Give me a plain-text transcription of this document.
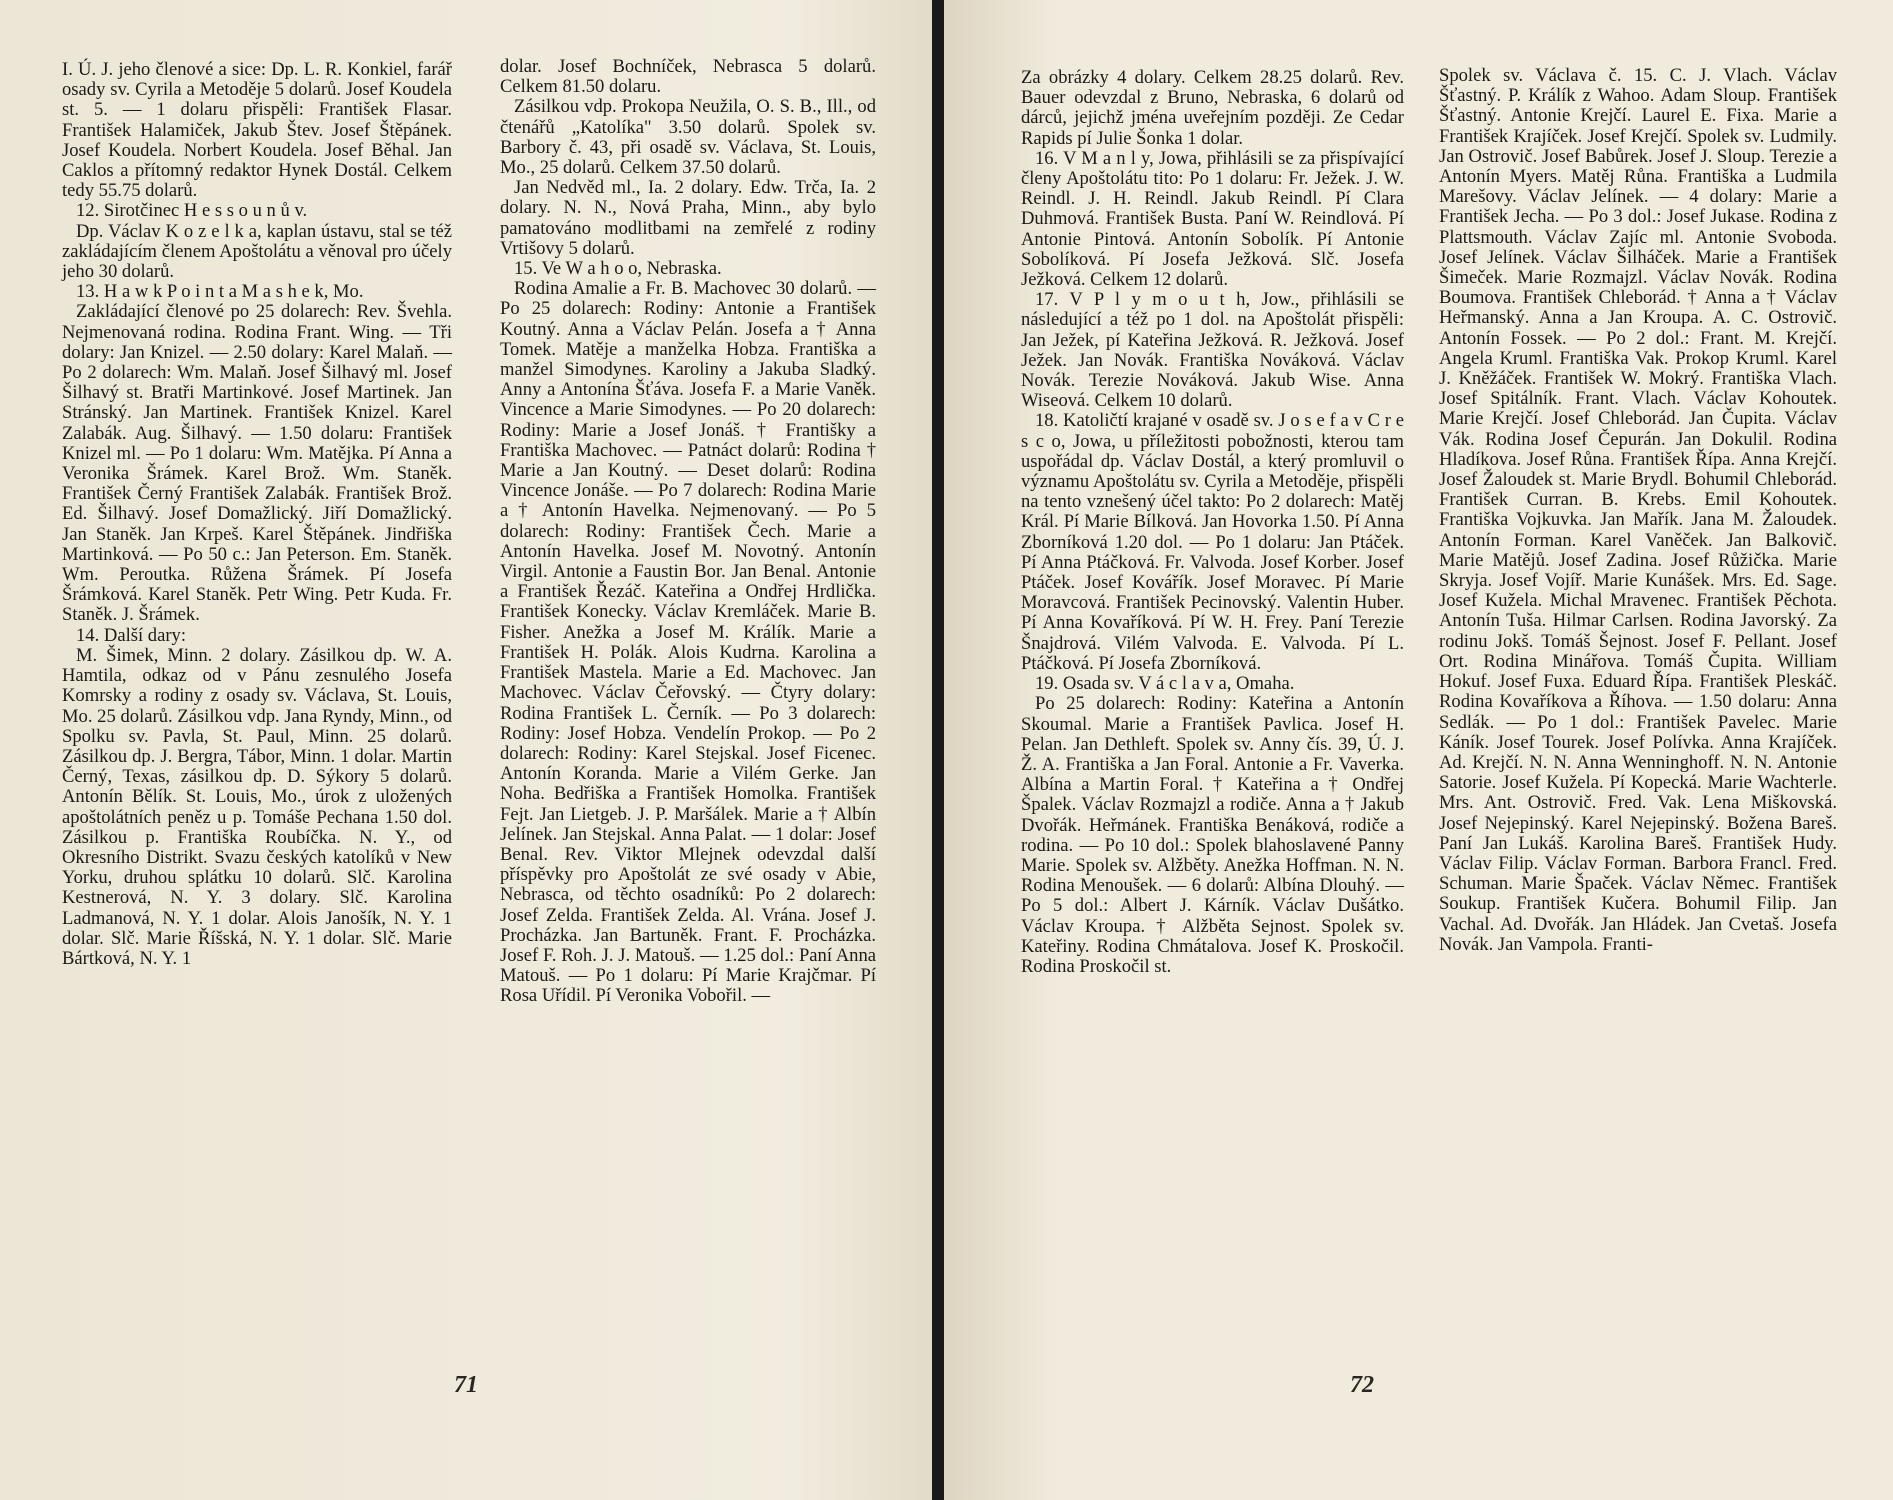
I. Ú. J. jeho členové a sice: Dp. L. R. Konkiel, farář osady sv. Cyrila a Metoděje 5 dolarů. Josef Koudela st. 5. — 1 dolaru přispěli: František Flasar. František Halamiček, Jakub Štev. Josef Štěpánek. Josef Koudela. Norbert Koudela. Josef Běhal. Jan Caklos a přítomný redaktor Hynek Dostál. Celkem tedy 55.75 dolarů.

12. Sirotčinec H e s s o u n ů v.

Dp. Václav K o z e l k a, kaplan ústavu, stal se též zakládajícím členem Apoštolátu a věnoval pro účely jeho 30 dolarů.

13. H a w k P o i n t a M a s h e k, Mo.

Zakládající členové po 25 dolarech: Rev. Švehla. Nejmenovaná rodina. Rodina Frant. Wing. — Tři dolary: Jan Knizel. — 2.50 dolary: Karel Malaň. — Po 2 dolarech: Wm. Malaň. Josef Šilhavý ml. Josef Šilhavý st. Bratři Martinkové. Josef Martinek. Jan Stránský. Jan Martinek. František Knizel. Karel Zalabák. Aug. Šilhavý. — 1.50 dolaru: František Knizel ml. — Po 1 dolaru: Wm. Matějka. Pí Anna a Veronika Šrámek. Karel Brož. Wm. Staněk. František Černý František Zalabák. František Brož. Ed. Šilhavý. Josef Domažlický. Jiří Domažlický. Jan Staněk. Jan Krpeš. Karel Štěpánek. Jindřiška Martinková. — Po 50 c.: Jan Peterson. Em. Staněk. Wm. Peroutka. Růžena Šrámek. Pí Josefa Šrámková. Karel Staněk. Petr Wing. Petr Kuda. Fr. Staněk. J. Šrámek.

14. Další dary:

M. Šimek, Minn. 2 dolary. Zásilkou dp. W. A. Hamtila, odkaz od v Pánu zesnulého Josefa Komrsky a rodiny z osady sv. Václava, St. Louis, Mo. 25 dolarů. Zásilkou vdp. Jana Ryndy, Minn., od Spolku sv. Pavla, St. Paul, Minn. 25 dolarů. Zásilkou dp. J. Bergra, Tábor, Minn. 1 dolar. Martin Černý, Texas, zásilkou dp. D. Sýkory 5 dolarů. Antonín Bělík. St. Louis, Mo., úrok z uložených apoštolátních peněz u p. Tomáše Pechana 1.50 dol. Zásilkou p. Františka Roubíčka. N. Y., od Okresního Distrikt. Svazu českých katolíků v New Yorku, druhou splátku 10 dolarů. Slč. Karolina Kestnerová, N. Y. 3 dolary. Slč. Karolina Ladmanová, N. Y. 1 dolar. Alois Janošík, N. Y. 1 dolar. Slč. Marie Říšská, N. Y. 1 dolar. Slč. Marie Bártková, N. Y. 1

dolar. Josef Bochníček, Nebrasca 5 dolarů. Celkem 81.50 dolaru.

Zásilkou vdp. Prokopa Neužila, O. S. B., Ill., od čtenářů „Katolíka" 3.50 dolarů. Spolek sv. Barbory č. 43, při osadě sv. Václava, St. Louis, Mo., 25 dolarů. Celkem 37.50 dolarů.

Jan Nedvěd ml., Ia. 2 dolary. Edw. Trča, Ia. 2 dolary. N. N., Nová Praha, Minn., aby bylo pamatováno modlitbami na zemřelé z rodiny Vrtišovy 5 dolarů.

15. Ve W a h o o, Nebraska.

Rodina Amalie a Fr. B. Machovec 30 dolarů. — Po 25 dolarech: Rodiny: Antonie a František Koutný. Anna a Václav Pelán. Josefa a † Anna Tomek. Matěje a manželka Hobza. Františka a manžel Simodynes. Karoliny a Jakuba Sladký. Anny a Antonína Šťáva. Josefa F. a Marie Vaněk. Vincence a Marie Simodynes. — Po 20 dolarech: Rodiny: Marie a Josef Jonáš. † Františky a Františka Machovec. — Patnáct dolarů: Rodina † Marie a Jan Koutný. — Deset dolarů: Rodina Vincence Jonáše. — Po 7 dolarech: Rodina Marie a † Antonín Havelka. Nejmenovaný. — Po 5 dolarech: Rodiny: František Čech. Marie a Antonín Havelka. Josef M. Novotný. Antonín Virgil. Antonie a Faustin Bor. Jan Benal. Antonie a František Řezáč. Kateřina a Ondřej Hrdlička. František Konecky. Václav Kremláček. Marie B. Fisher. Anežka a Josef M. Králík. Marie a František H. Polák. Alois Kudrna. Karolina a František Mastela. Marie a Ed. Machovec. Jan Machovec. Václav Čeřovský. — Čtyry dolary: Rodina František L. Černík. — Po 3 dolarech: Rodiny: Josef Hobza. Vendelín Prokop. — Po 2 dolarech: Rodiny: Karel Stejskal. Josef Ficenec. Antonín Koranda. Marie a Vilém Gerke. Jan Noha. Bedřiška a František Homolka. František Fejt. Jan Lietgeb. J. P. Maršálek. Marie a † Albín Jelínek. Jan Stejskal. Anna Palat. — 1 dolar: Josef Benal. Rev. Viktor Mlejnek odevzdal další příspěvky pro Apoštolát ze své osady v Abie, Nebrasca, od těchto osadníků: Po 2 dolarech: Josef Zelda. František Zelda. Al. Vrána. Josef J. Procházka. Jan Bartuněk. Frant. F. Procházka. Josef F. Roh. J. J. Matouš. — 1.25 dol.: Paní Anna Matouš. — Po 1 dolaru: Pí Marie Krajčmar. Pí Rosa Uřídil. Pí Veronika Vobořil. —

71

Za obrázky 4 dolary. Celkem 28.25 dolarů. Rev. Bauer odevzdal z Bruno, Nebraska, 6 dolarů od dárců, jejichž jména uveřejním později. Ze Cedar Rapids pí Julie Šonka 1 dolar.

16. V M a n l y, Jowa, přihlásili se za přispívající členy Apoštolátu tito: Po 1 dolaru: Fr. Ježek. J. W. Reindl. J. H. Reindl. Jakub Reindl. Pí Clara Duhmová. František Busta. Paní W. Reindlová. Pí Antonie Pintová. Antonín Sobolík. Pí Antonie Sobolíková. Pí Josefa Ježková. Slč. Josefa Ježková. Celkem 12 dolarů.

17. V P l y m o u t h, Jow., přihlásili se následující a též po 1 dol. na Apoštolát přispěli: Jan Ježek, pí Kateřina Ježková. R. Ježková. Josef Ježek. Jan Novák. Františka Nováková. Václav Novák. Terezie Nováková. Jakub Wise. Anna Wiseová. Celkem 10 dolarů.

18. Katoličtí krajané v osadě sv. J o s e f a v C r e s c o, Jowa, u příležitosti pobožnosti, kterou tam uspořádal dp. Václav Dostál, a který promluvil o významu Apoštolátu sv. Cyrila a Metoděje, přispěli na tento vznešený účel takto: Po 2 dolarech: Matěj Král. Pí Marie Bílková. Jan Hovorka 1.50. Pí Anna Zborníková 1.20 dol. — Po 1 dolaru: Jan Ptáček. Pí Anna Ptáčková. Fr. Valvoda. Josef Korber. Josef Ptáček. Josef Kovářík. Josef Moravec. Pí Marie Moravcová. František Pecinovský. Valentin Huber. Pí Anna Kovaříková. Pí W. H. Frey. Paní Terezie Šnajdrová. Vilém Valvoda. E. Valvoda. Pí L. Ptáčková. Pí Josefa Zborníková.

19. Osada sv. V á c l a v a, Omaha.

Po 25 dolarech: Rodiny: Kateřina a Antonín Skoumal. Marie a František Pavlica. Josef H. Pelan. Jan Dethleft. Spolek sv. Anny čís. 39, Ú. J. Ž. A. Františka a Jan Foral. Antonie a Fr. Vaverka. Albína a Martin Foral. † Kateřina a † Ondřej Špalek. Václav Rozmajzl a rodiče. Anna a † Jakub Dvořák. Heřmánek. Františka Benáková, rodiče a rodina. — Po 10 dol.: Spolek blahoslavené Panny Marie. Spolek sv. Alžběty. Anežka Hoffman. N. N. Rodina Menoušek. — 6 dolarů: Albína Dlouhý. — Po 5 dol.: Albert J. Kárník. Václav Dušátko. Václav Kroupa. † Alžběta Sejnost. Spolek sv. Kateřiny. Rodina Chmátalova. Josef K. Proskočil. Rodina Proskočil st.

Spolek sv. Václava č. 15. C. J. Vlach. Václav Šťastný. P. Králík z Wahoo. Adam Sloup. František Šťastný. Antonie Krejčí. Laurel E. Fixa. Marie a František Krajíček. Josef Krejčí. Spolek sv. Ludmily. Jan Ostrovič. Josef Babůrek. Josef J. Sloup. Terezie a Antonín Myers. Matěj Růna. Františka a Ludmila Marešovy. Václav Jelínek. — 4 dolary: Marie a František Jecha. — Po 3 dol.: Josef Jukase. Rodina z Plattsmouth. Václav Zajíc ml. Antonie Svoboda. Josef Jelínek. Václav Šilháček. Marie a František Šimeček. Marie Rozmajzl. Václav Novák. Rodina Boumova. František Chleborád. † Anna a † Václav Heřmanský. Anna a Jan Kroupa. A. C. Ostrovič. Antonín Fossek. — Po 2 dol.: Frant. M. Krejčí. Angela Kruml. Františka Vak. Prokop Kruml. Karel J. Kněžáček. František W. Mokrý. Františka Vlach. Josef Spitálník. Frant. Vlach. Václav Kohoutek. Marie Krejčí. Josef Chleborád. Jan Čupita. Václav Vák. Rodina Josef Čepurán. Jan Dokulil. Rodina Hladíkova. Josef Růna. František Řípa. Anna Krejčí. Josef Žaloudek st. Marie Brydl. Bohumil Chleborád. František Curran. B. Krebs. Emil Kohoutek. Františka Vojkuvka. Jan Mařík. Jana M. Žaloudek. Antonín Forman. Karel Vaněček. Jan Balkovič. Marie Matějů. Josef Zadina. Josef Růžička. Marie Skryja. Josef Vojíř. Marie Kunášek. Mrs. Ed. Sage. Josef Kužela. Michal Mravenec. František Pěchota. Antonín Tuša. Hilmar Carlsen. Rodina Javorský. Za rodinu Jokš. Tomáš Šejnost. Josef F. Pellant. Josef Ort. Rodina Minářova. Tomáš Čupita. William Hokuf. Josef Fuxa. Eduard Řípa. František Pleskáč. Rodina Kovaříkova a Říhova. — 1.50 dolaru: Anna Sedlák. — Po 1 dol.: František Pavelec. Marie Káník. Josef Tourek. Josef Polívka. Anna Krajíček. Ad. Krejčí. N. N. Anna Wenninghoff. N. N. Antonie Satorie. Josef Kužela. Pí Kopecká. Marie Wachterle. Mrs. Ant. Ostrovič. Fred. Vak. Lena Miškovská. Josef Nejepinský. Karel Nejepinský. Božena Bareš. Paní Jan Lukáš. Karolina Bareš. František Hudy. Václav Filip. Václav Forman. Barbora Francl. Fred. Schuman. Marie Špaček. Václav Němec. František Soukup. František Kučera. Bohumil Filip. Jan Vachal. Ad. Dvořák. Jan Hládek. Jan Cvetaš. Josefa Novák. Jan Vampola. Franti-

72
